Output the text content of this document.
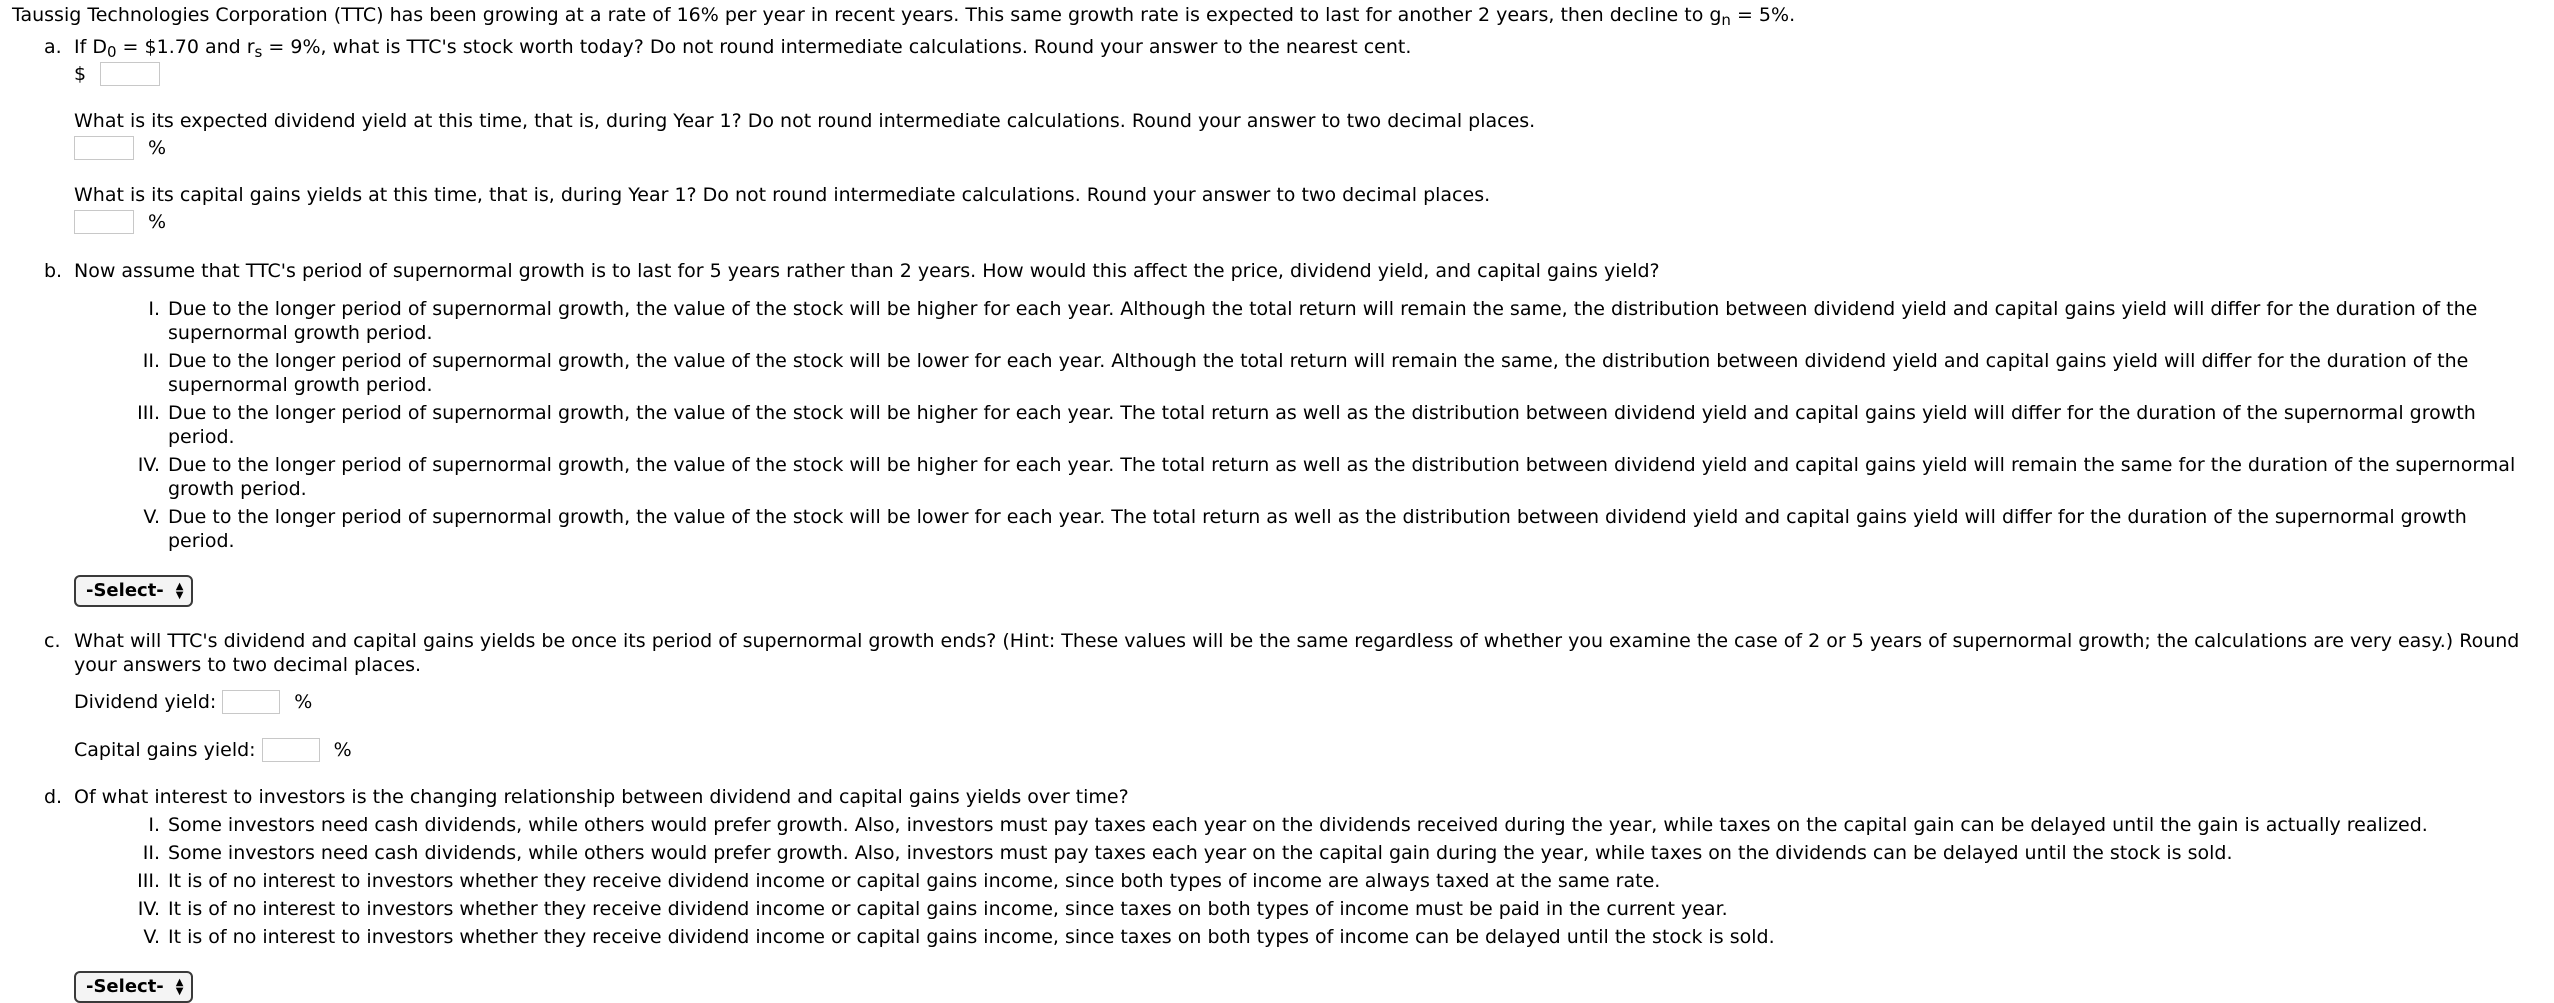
Taussig Technologies Corporation (TTC) has been growing at a rate of 16% per year in recent years. This same growth rate is expected to last for another 2 years, then decline to $g_n = 5\%$.

a. If $D_0$ = $1.70 and $r_s = 9\%$, what is TTC's stock worth today? Do not round intermediate calculations. Round your answer to the nearest cent.

$

What is its expected dividend yield at this time, that is, during Year 1? Do not round intermediate calculations. Round your answer to two decimal places.

%

What is its capital gains yields at this time, that is, during Year 1? Do not round intermediate calculations. Round your answer to two decimal places.

%
b. Now assume that TTC's period of supernormal growth is to last for 5 years rather than 2 years. How would this affect the price, dividend yield, and capital gains yield?

I. Due to the longer period of supernormal growth, the value of the stock will be higher for each year. Although the total return will remain the same, the distribution between dividend yield and capital gains yield will differ for the duration of the supernormal growth period.
II. Due to the longer period of supernormal growth, the value of the stock will be lower for each year. Although the total return will remain the same, the distribution between dividend yield and capital gains yield will differ for the duration of the supernormal growth period.
III. Due to the longer period of supernormal growth, the value of the stock will be higher for each year. The total return as well as the distribution between dividend yield and capital gains yield will differ for the duration of the supernormal growth period.
IV. Due to the longer period of supernormal growth, the value of the stock will be higher for each year. The total return as well as the distribution between dividend yield and capital gains yield will remain the same for the duration of the supernormal growth period.
V. Due to the longer period of supernormal growth, the value of the stock will be lower for each year. The total return as well as the distribution between dividend yield and capital gains yield will differ for the duration of the supernormal growth period.
-Select- ▲
▼
c. What will TTC's dividend and capital gains yields be once its period of supernormal growth ends? (Hint: These values will be the same regardless of whether you examine the case of 2 or 5 years of supernormal growth; the calculations are very easy.) Round your answers to two decimal places.

Dividend yield:	%
Capital gains yield:	%
d. Of what interest to investors is the changing relationship between dividend and capital gains yields over time?

I. Some investors need cash dividends, while others would prefer growth. Also, investors must pay taxes each year on the dividends received during the year, while taxes on the capital gain can be delayed until the gain is actually realized.
II. Some investors need cash dividends, while others would prefer growth. Also, investors must pay taxes each year on the capital gain during the year, while taxes on the dividends can be delayed until the stock is sold.
III. It is of no interest to investors whether they receive dividend income or capital gains income, since both types of income are always taxed at the same rate.
IV. It is of no interest to investors whether they receive dividend income or capital gains income, since taxes on both types of income must be paid in the current year.
V. It is of no interest to investors whether they receive dividend income or capital gains income, since taxes on both types of income can be delayed until the stock is sold.
-Select- ▲
▼
